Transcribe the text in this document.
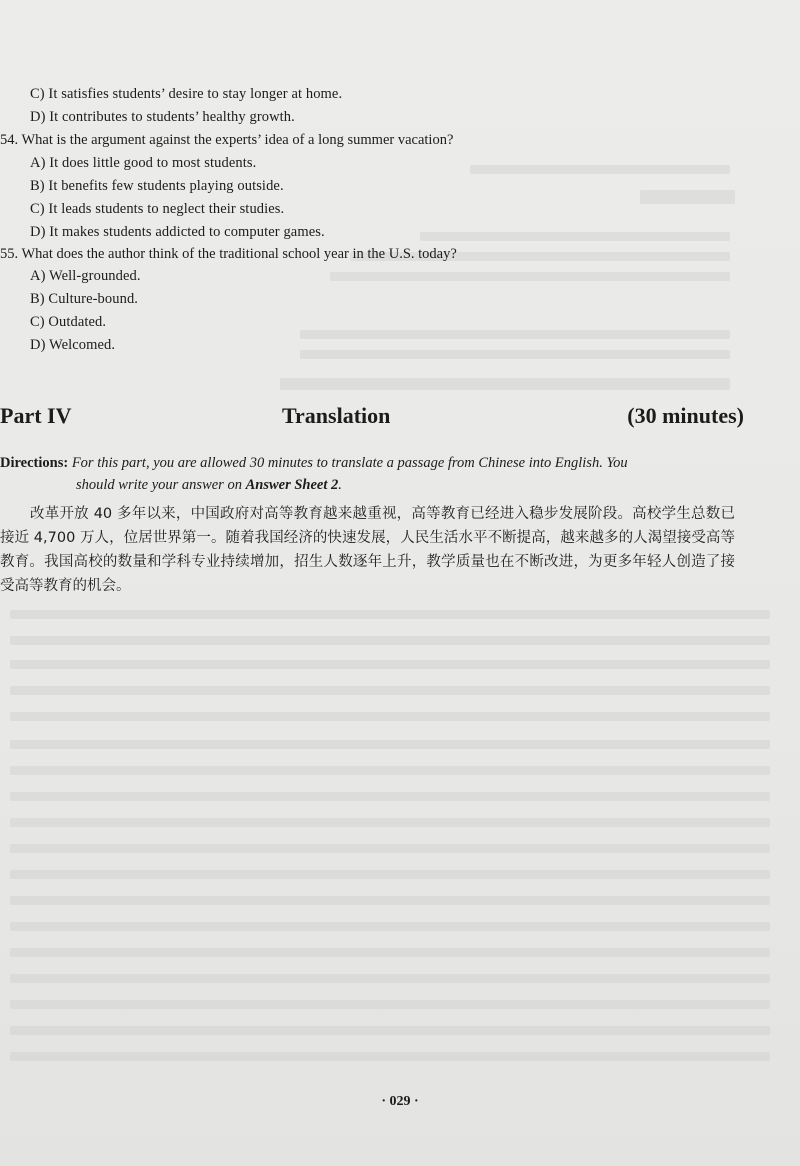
C) It satisfies students’ desire to stay longer at home.
D) It contributes to students’ healthy growth.
54. What is the argument against the experts’ idea of a long summer vacation?
A) It does little good to most students.
B) It benefits few students playing outside.
C) It leads students to neglect their studies.
D) It makes students addicted to computer games.
55. What does the author think of the traditional school year in the U.S. today?
A) Well-grounded.
B) Culture-bound.
C) Outdated.
D) Welcomed.
Part IV	Translation	(30 minutes)
Directions: For this part, you are allowed 30 minutes to translate a passage from Chinese into English. You
should write your answer on Answer Sheet 2.
改革开放 40 多年以来，中国政府对高等教育越来越重视，高等教育已经进入稳步发展阶段。高校学生总数已接近 4,700 万人，位居世界第一。随着我国经济的快速发展，人民生活水平不断提高，越来越多的人渴望接受高等教育。我国高校的数量和学科专业持续增加，招生人数逐年上升，教学质量也在不断改进，为更多年轻人创造了接受高等教育的机会。
· 029 ·
